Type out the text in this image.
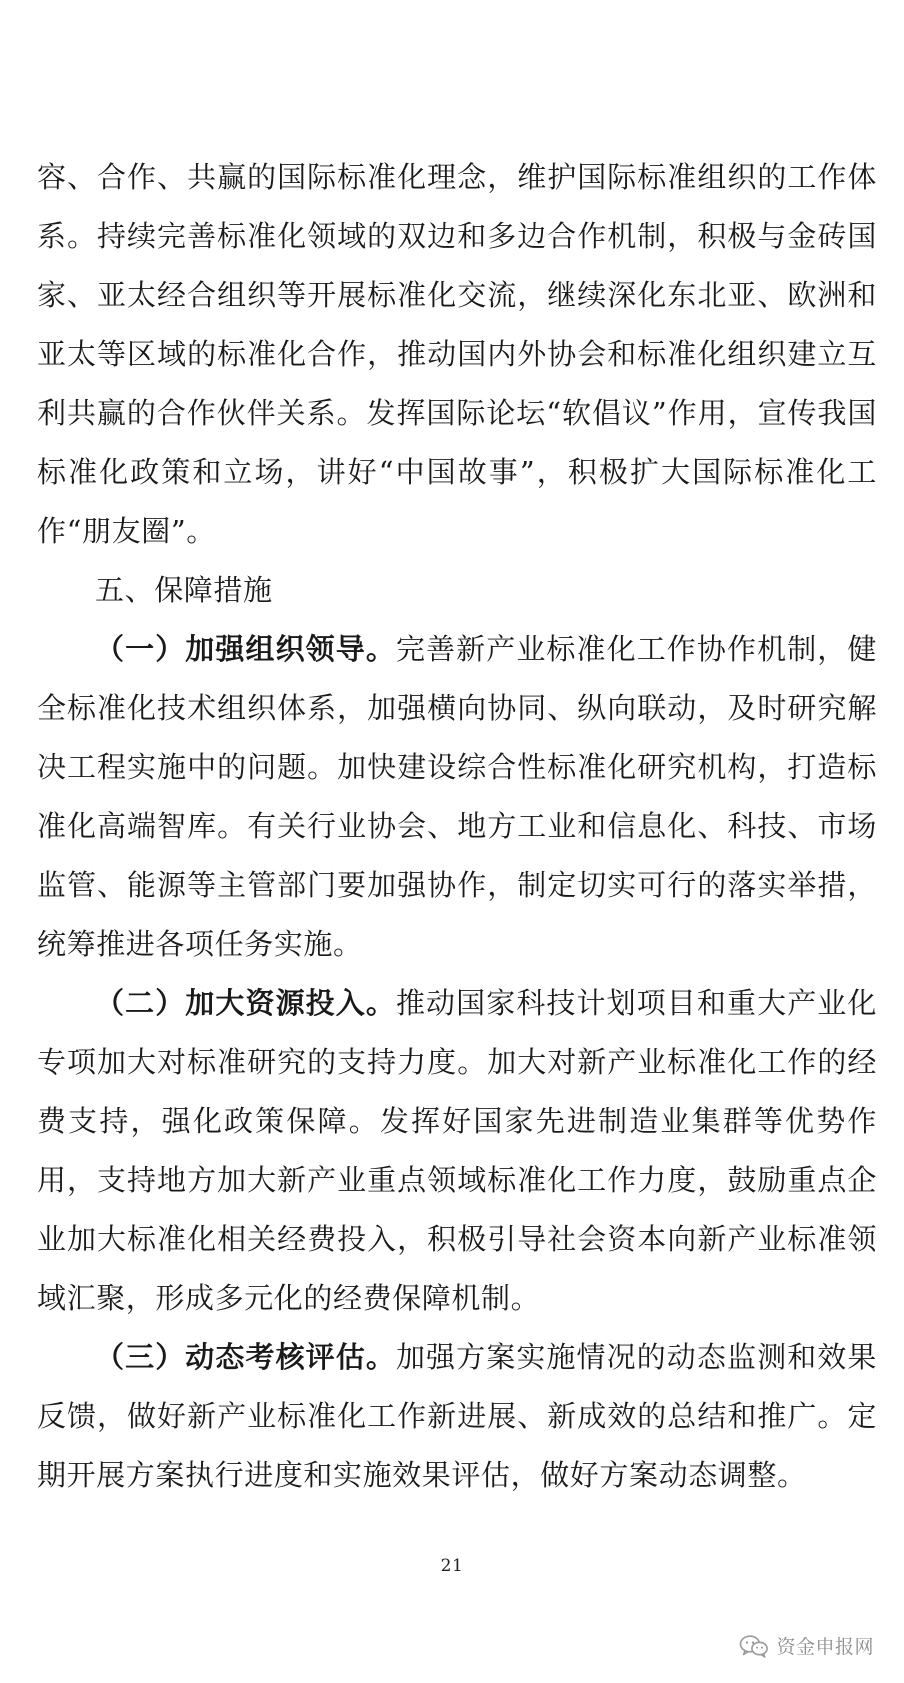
容、合作、共赢的国际标准化理念，维护国际标准组织的工作体系。持续完善标准化领域的双边和多边合作机制，积极与金砖国家、亚太经合组织等开展标准化交流，继续深化东北亚、欧洲和亚太等区域的标准化合作，推动国内外协会和标准化组织建立互利共赢的合作伙伴关系。发挥国际论坛“软倡议”作用，宣传我国标准化政策和立场，讲好“中国故事”，积极扩大国际标准化工作“朋友圈”。

五、保障措施

（一）加强组织领导。完善新产业标准化工作协作机制，健全标准化技术组织体系，加强横向协同、纵向联动，及时研究解决工程实施中的问题。加快建设综合性标准化研究机构，打造标准化高端智库。有关行业协会、地方工业和信息化、科技、市场监管、能源等主管部门要加强协作，制定切实可行的落实举措，统筹推进各项任务实施。

（二）加大资源投入。推动国家科技计划项目和重大产业化专项加大对标准研究的支持力度。加大对新产业标准化工作的经费支持，强化政策保障。发挥好国家先进制造业集群等优势作用，支持地方加大新产业重点领域标准化工作力度，鼓励重点企业加大标准化相关经费投入，积极引导社会资本向新产业标准领域汇聚，形成多元化的经费保障机制。

（三）动态考核评估。加强方案实施情况的动态监测和效果反馈，做好新产业标准化工作新进展、新成效的总结和推广。定期开展方案执行进度和实施效果评估，做好方案动态调整。

21
资金申报网
